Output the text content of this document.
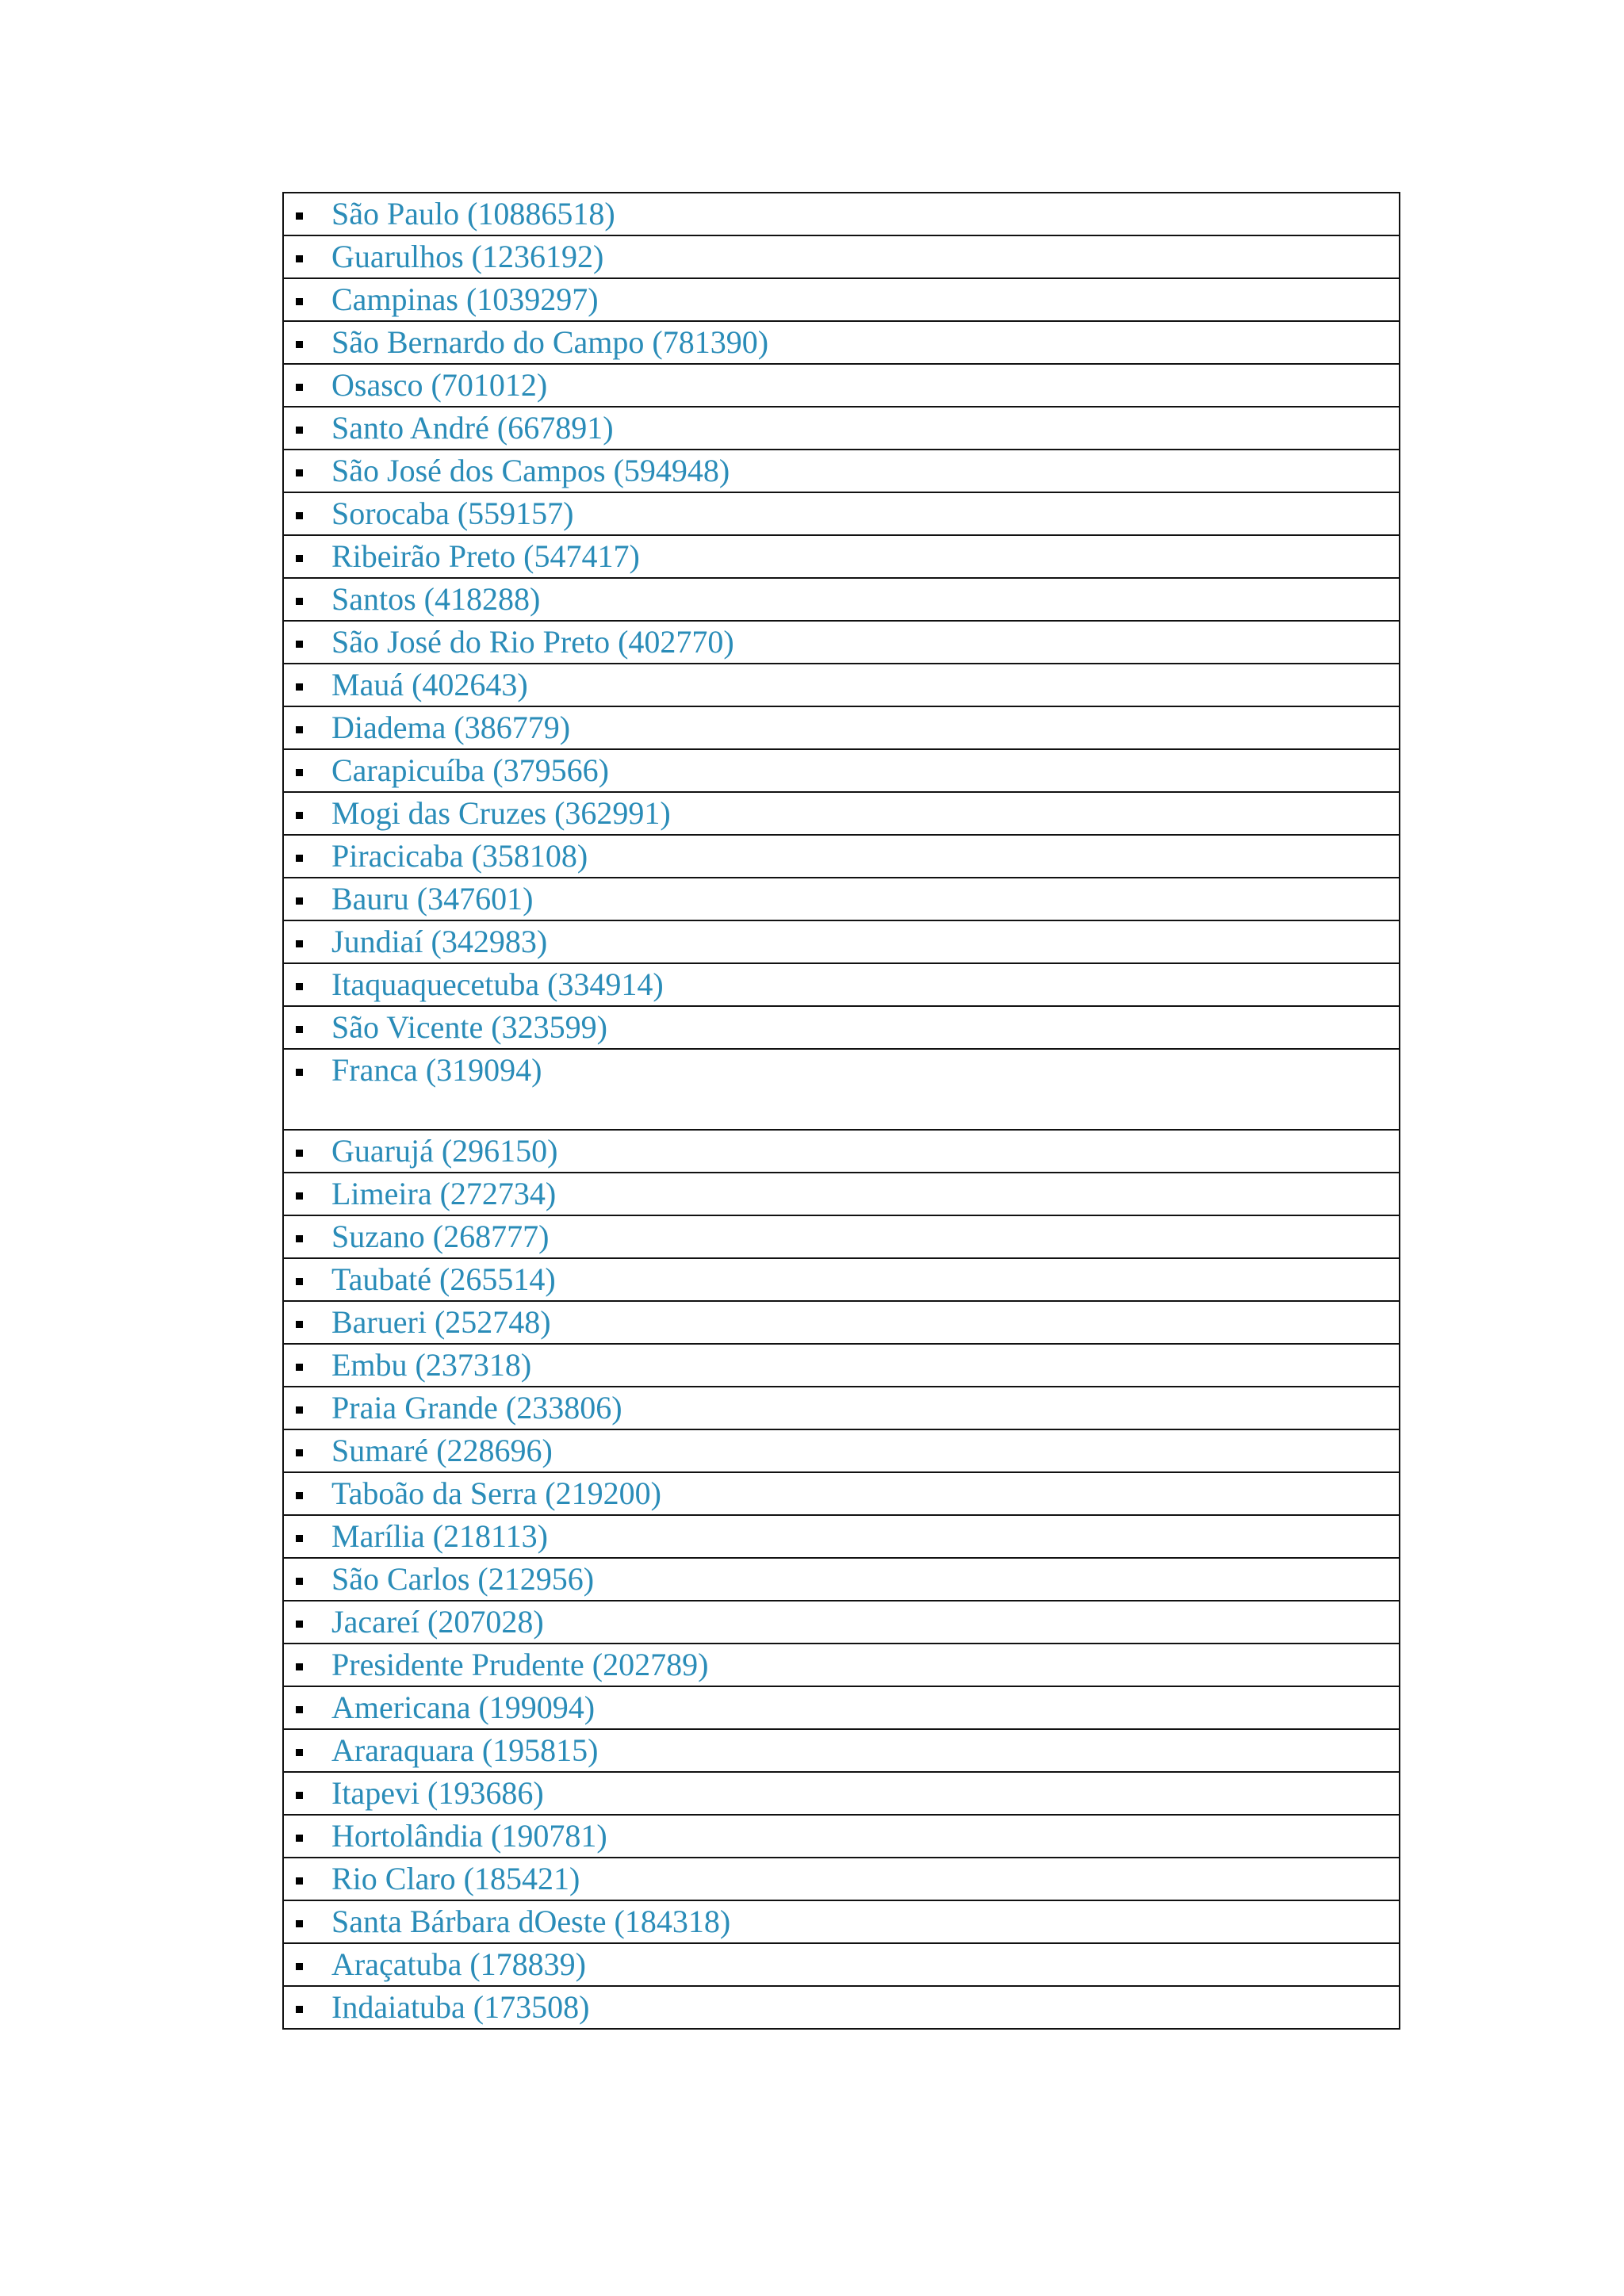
São Paulo (10886518)

Guarulhos (1236192)

Campinas (1039297)

São Bernardo do Campo (781390)

Osasco (701012)

Santo André (667891)

São José dos Campos (594948)

Sorocaba (559157)

Ribeirão Preto (547417)

Santos (418288)

São José do Rio Preto (402770)

Mauá (402643)

Diadema (386779)

Carapicuíba (379566)

Mogi das Cruzes (362991)

Piracicaba (358108)

Bauru (347601)

Jundiaí (342983)

Itaquaquecetuba (334914)

São Vicente (323599)

Franca (319094)

Guarujá (296150)

Limeira (272734)

Suzano (268777)

Taubaté (265514)

Barueri (252748)

Embu (237318)

Praia Grande (233806)

Sumaré (228696)

Taboão da Serra (219200)

Marília (218113)

São Carlos (212956)

Jacareí (207028)

Presidente Prudente (202789)

Americana (199094)

Araraquara (195815)

Itapevi (193686)

Hortolândia (190781)

Rio Claro (185421)

Santa Bárbara dOeste (184318)

Araçatuba (178839)

Indaiatuba (173508)
